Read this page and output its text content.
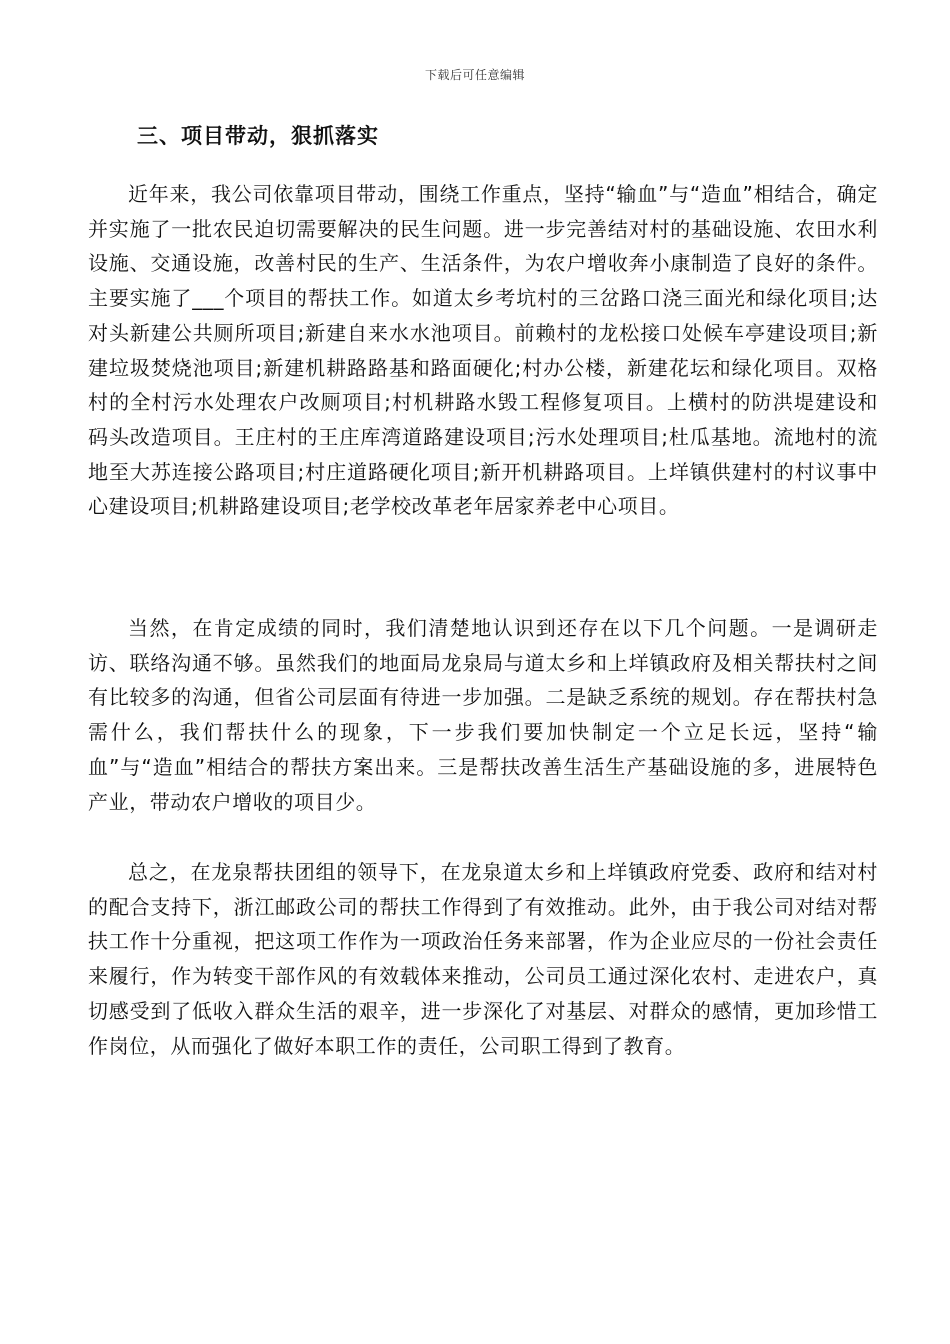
下载后可任意编辑
三、项目带动，狠抓落实

近年来，我公司依靠项目带动，围绕工作重点，坚持“输血”与“造血”相结合，确定并实施了一批农民迫切需要解决的民生问题。进一步完善结对村的基础设施、农田水利设施、交通设施，改善村民的生产、生活条件，为农户增收奔小康制造了良好的条件。主要实施了___个项目的帮扶工作。如道太乡考坑村的三岔路口浇三面光和绿化项目;达对头新建公共厕所项目;新建自来水水池项目。前赖村的龙松接口处候车亭建设项目;新建垃圾焚烧池项目;新建机耕路路基和路面硬化;村办公楼，新建花坛和绿化项目。双格村的全村污水处理农户改厕项目;村机耕路水毁工程修复项目。上横村的防洪堤建设和码头改造项目。王庄村的王庄库湾道路建设项目;污水处理项目;杜瓜基地。流地村的流地至大苏连接公路项目;村庄道路硬化项目;新开机耕路项目。上垟镇供建村的村议事中心建设项目;机耕路建设项目;老学校改革老年居家养老中心项目。

当然，在肯定成绩的同时，我们清楚地认识到还存在以下几个问题。一是调研走访、联络沟通不够。虽然我们的地面局龙泉局与道太乡和上垟镇政府及相关帮扶村之间有比较多的沟通，但省公司层面有待进一步加强。二是缺乏系统的规划。存在帮扶村急需什么，我们帮扶什么的现象，下一步我们要加快制定一个立足长远，坚持“输血”与“造血”相结合的帮扶方案出来。三是帮扶改善生活生产基础设施的多，进展特色产业，带动农户增收的项目少。

总之，在龙泉帮扶团组的领导下，在龙泉道太乡和上垟镇政府党委、政府和结对村的配合支持下，浙江邮政公司的帮扶工作得到了有效推动。此外，由于我公司对结对帮扶工作十分重视，把这项工作作为一项政治任务来部署，作为企业应尽的一份社会责任来履行，作为转变干部作风的有效载体来推动，公司员工通过深化农村、走进农户，真切感受到了低收入群众生活的艰辛，进一步深化了对基层、对群众的感情，更加珍惜工作岗位，从而强化了做好本职工作的责任，公司职工得到了教育。
